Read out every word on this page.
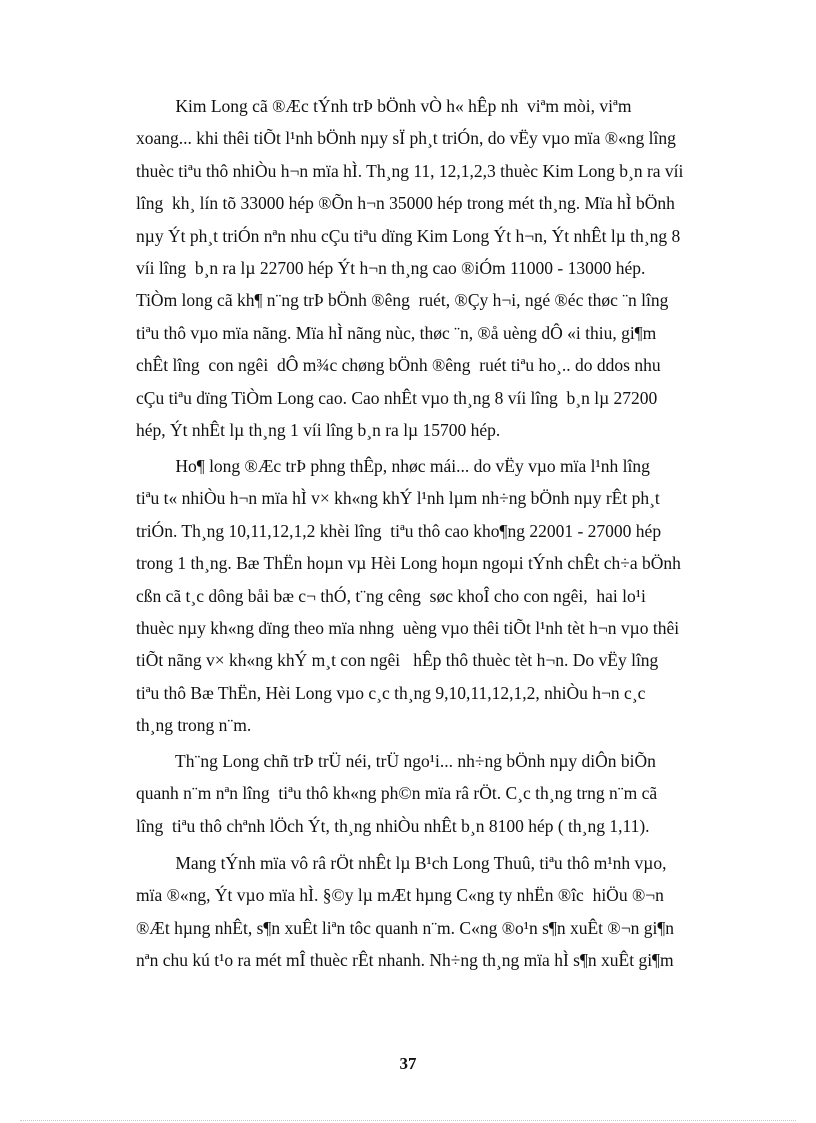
Kim Long cã ®Æc tÝnh trÞ bÖnh vÒ h« hÊp nh  viªm mòi, viªm
xoang... khi thêi tiÕt l¹nh bÖnh nµy sÏ ph¸t triÓn, do vËy vµo mïa ®«ng lîng
thuèc tiªu thô nhiÒu h¬n mïa hÌ. Th¸ng 11, 12,1,2,3 thuèc Kim Long b¸n ra víi
lîng  kh¸ lín tõ 33000 hép ®Õn h¬n 35000 hép trong mét th¸ng. Mïa hÌ bÖnh
nµy Ýt ph¸t triÓn nªn nhu cÇu tiªu dïng Kim Long Ýt h¬n, Ýt nhÊt lµ th¸ng 8
víi lîng  b¸n ra lµ 22700 hép Ýt h¬n th¸ng cao ®iÓm 11000 - 13000 hép.
TiÒm long cã kh¶ n¨ng trÞ bÖnh ®êng  ruét, ®Çy h¬i, ngé ®éc thøc ¨n lîng
tiªu thô vµo mïa nãng. Mïa hÌ nãng nùc, thøc ¨n, ®å uèng dÔ «i thiu, gi¶m
chÊt lîng  con ngêi  dÔ m¾c chøng bÖnh ®êng  ruét tiªu ho¸.. do ddos nhu
cÇu tiªu dïng TiÒm Long cao. Cao nhÊt vµo th¸ng 8 víi lîng  b¸n lµ 27200
hép, Ýt nhÊt lµ th¸ng 1 víi lîng b¸n ra lµ 15700 hép.
Ho¶ long ®Æc trÞ phng thÊp, nhøc mái... do vËy vµo mïa l¹nh lîng
tiªu t« nhiÒu h¬n mïa hÌ v× kh«ng khÝ l¹nh lµm nh÷ng bÖnh nµy rÊt ph¸t
triÓn. Th¸ng 10,11,12,1,2 khèi lîng  tiªu thô cao kho¶ng 22001 - 27000 hép
trong 1 th¸ng. Bæ ThËn hoµn vµ Hèi Long hoµn ngoµi tÝnh chÊt ch÷a bÖnh
cßn cã t¸c dông båi bæ c¬ thÓ, t¨ng cêng  søc khoÎ cho con ngêi,  hai lo¹i
thuèc nµy kh«ng dïng theo mïa nhng  uèng vµo thêi tiÕt l¹nh tèt h¬n vµo thêi
tiÕt nãng v× kh«ng khÝ m¸t con ngêi   hÊp thô thuèc tèt h¬n. Do vËy lîng
tiªu thô Bæ ThËn, Hèi Long vµo c¸c th¸ng 9,10,11,12,1,2, nhiÒu h¬n c¸c
th¸ng trong n¨m.
Th¨ng Long chñ trÞ trÜ néi, trÜ ngo¹i... nh÷ng bÖnh nµy diÔn biÕn
quanh n¨m nªn lîng  tiªu thô kh«ng ph©n mïa râ rÖt. C¸c th¸ng trng n¨m cã
lîng  tiªu thô chªnh lÖch Ýt, th¸ng nhiÒu nhÊt b¸n 8100 hép ( th¸ng 1,11).
Mang tÝnh mïa vô râ rÖt nhÊt lµ B¹ch Long Thuû, tiªu thô m¹nh vµo,
mïa ®«ng, Ýt vµo mïa hÌ. §©y lµ mÆt hµng C«ng ty nhËn ®îc  hiÖu ®¬n
®Æt hµng nhÊt, s¶n xuÊt liªn tôc quanh n¨m. C«ng ®o¹n s¶n xuÊt ®¬n gi¶n
nªn chu kú t¹o ra mét mÎ thuèc rÊt nhanh. Nh÷ng th¸ng mïa hÌ s¶n xuÊt gi¶m
37
